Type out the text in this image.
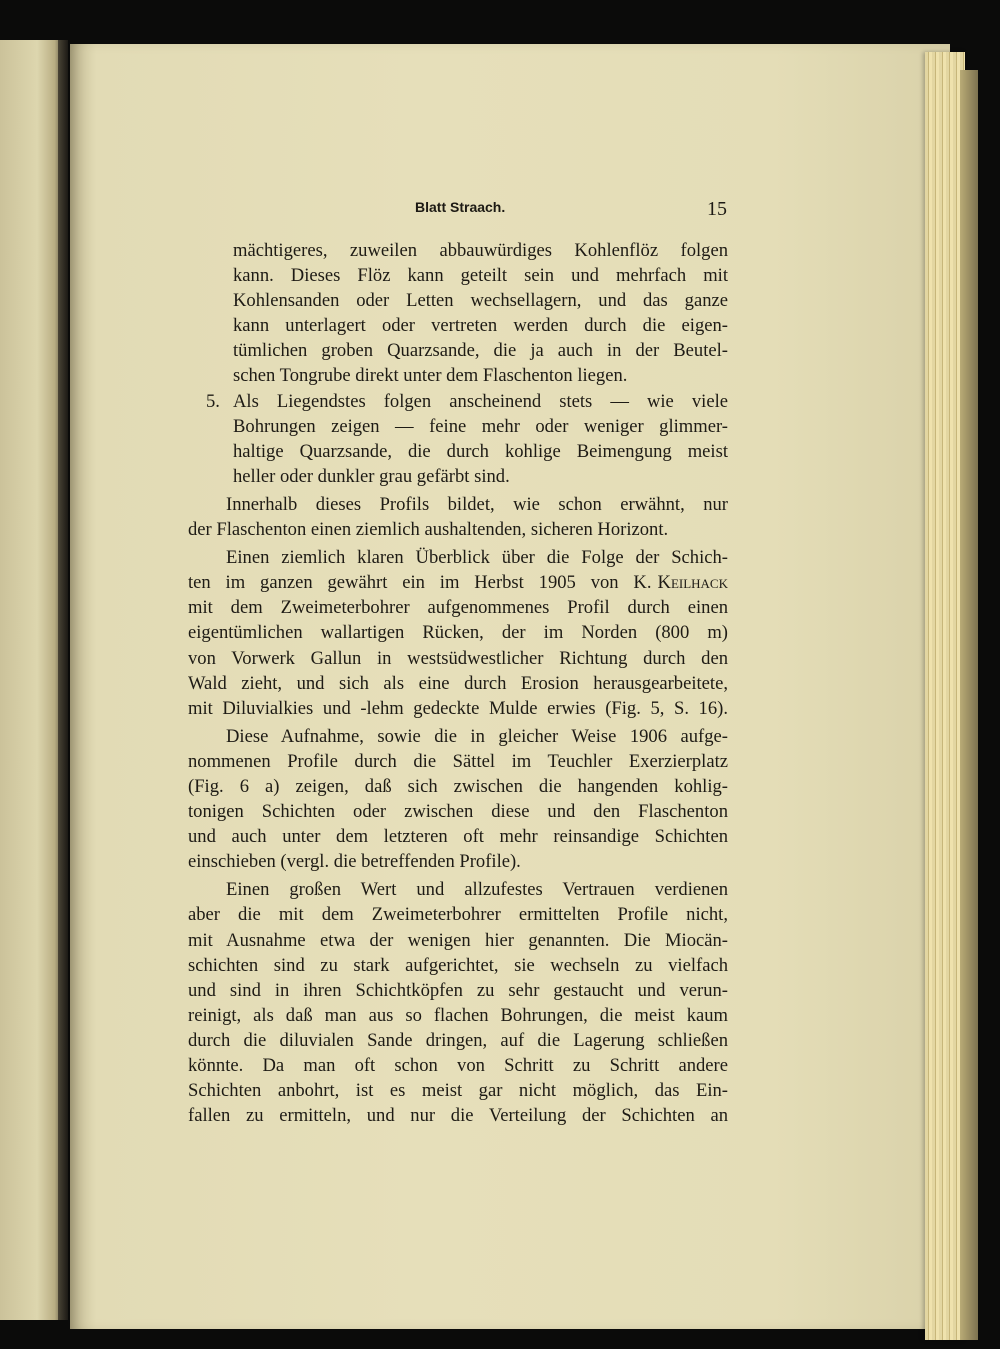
Blatt Straach.	15
mächtigeres, zuweilen abbauwürdiges Kohlenflöz folgen
kann. Dieses Flöz kann geteilt sein und mehrfach mit
Kohlensanden oder Letten wechsellagern, und das ganze
kann unterlagert oder vertreten werden durch die eigen-
tümlichen groben Quarzsande, die ja auch in der Beutel-
schen Tongrube direkt unter dem Flaschenton liegen.
5. Als Liegendstes folgen anscheinend stets — wie viele
Bohrungen zeigen — feine mehr oder weniger glimmer-
haltige Quarzsande, die durch kohlige Beimengung meist
heller oder dunkler grau gefärbt sind.
Innerhalb dieses Profils bildet, wie schon erwähnt, nur
der Flaschenton einen ziemlich aushaltenden, sicheren Horizont.
Einen ziemlich klaren Überblick über die Folge der Schich-
ten im ganzen gewährt ein im Herbst 1905 von K. Keilhack
mit dem Zweimeterbohrer aufgenommenes Profil durch einen
eigentümlichen wallartigen Rücken, der im Norden (800 m)
von Vorwerk Gallun in westsüdwestlicher Richtung durch den
Wald zieht, und sich als eine durch Erosion herausgearbeitete,
mit Diluvialkies und -lehm gedeckte Mulde erwies (Fig. 5, S. 16).
Diese Aufnahme, sowie die in gleicher Weise 1906 aufge-
nommenen Profile durch die Sättel im Teuchler Exerzierplatz
(Fig. 6 a) zeigen, daß sich zwischen die hangenden kohlig-
tonigen Schichten oder zwischen diese und den Flaschenton
und auch unter dem letzteren oft mehr reinsandige Schichten
einschieben (vergl. die betreffenden Profile).
Einen großen Wert und allzufestes Vertrauen verdienen
aber die mit dem Zweimeterbohrer ermittelten Profile nicht,
mit Ausnahme etwa der wenigen hier genannten. Die Miocän-
schichten sind zu stark aufgerichtet, sie wechseln zu vielfach
und sind in ihren Schichtköpfen zu sehr gestaucht und verun-
reinigt, als daß man aus so flachen Bohrungen, die meist kaum
durch die diluvialen Sande dringen, auf die Lagerung schließen
könnte. Da man oft schon von Schritt zu Schritt andere
Schichten anbohrt, ist es meist gar nicht möglich, das Ein-
fallen zu ermitteln, und nur die Verteilung der Schichten an
